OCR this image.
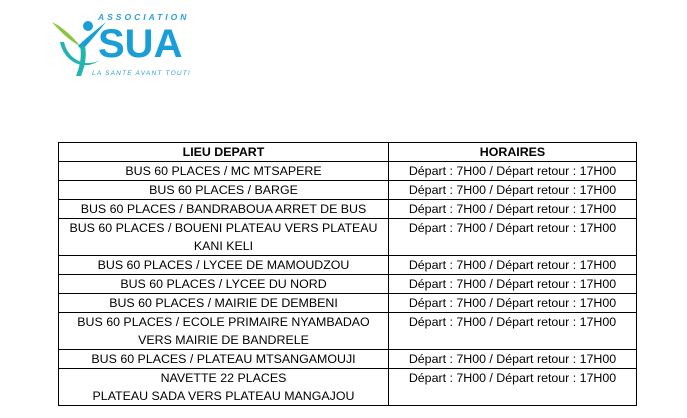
ASSOCIATION
SUA
LA SANTE AVANT TOUT!
LIEU DEPART	HORAIRES

BUS 60 PLACES / MC MTSAPERE	Départ : 7H00 / Départ retour : 17H00

BUS 60 PLACES / BARGE	Départ : 7H00 / Départ retour : 17H00

BUS 60 PLACES / BANDRABOUA ARRET DE BUS	Départ : 7H00 / Départ retour : 17H00

BUS 60 PLACES / BOUENI PLATEAU VERS PLATEAU
KANI KELI	Départ : 7H00 / Départ retour : 17H00

BUS 60 PLACES / LYCEE DE MAMOUDZOU	Départ : 7H00 / Départ retour : 17H00

BUS 60 PLACES / LYCEE DU NORD	Départ : 7H00 / Départ retour : 17H00

BUS 60 PLACES / MAIRIE DE DEMBENI	Départ : 7H00 / Départ retour : 17H00

BUS 60 PLACES / ECOLE PRIMAIRE NYAMBADAO
VERS MAIRIE DE BANDRELE	Départ : 7H00 / Départ retour : 17H00

BUS 60 PLACES / PLATEAU MTSANGAMOUJI	Départ : 7H00 / Départ retour : 17H00

NAVETTE 22 PLACES
PLATEAU SADA VERS PLATEAU MANGAJOU	Départ : 7H00 / Départ retour : 17H00
